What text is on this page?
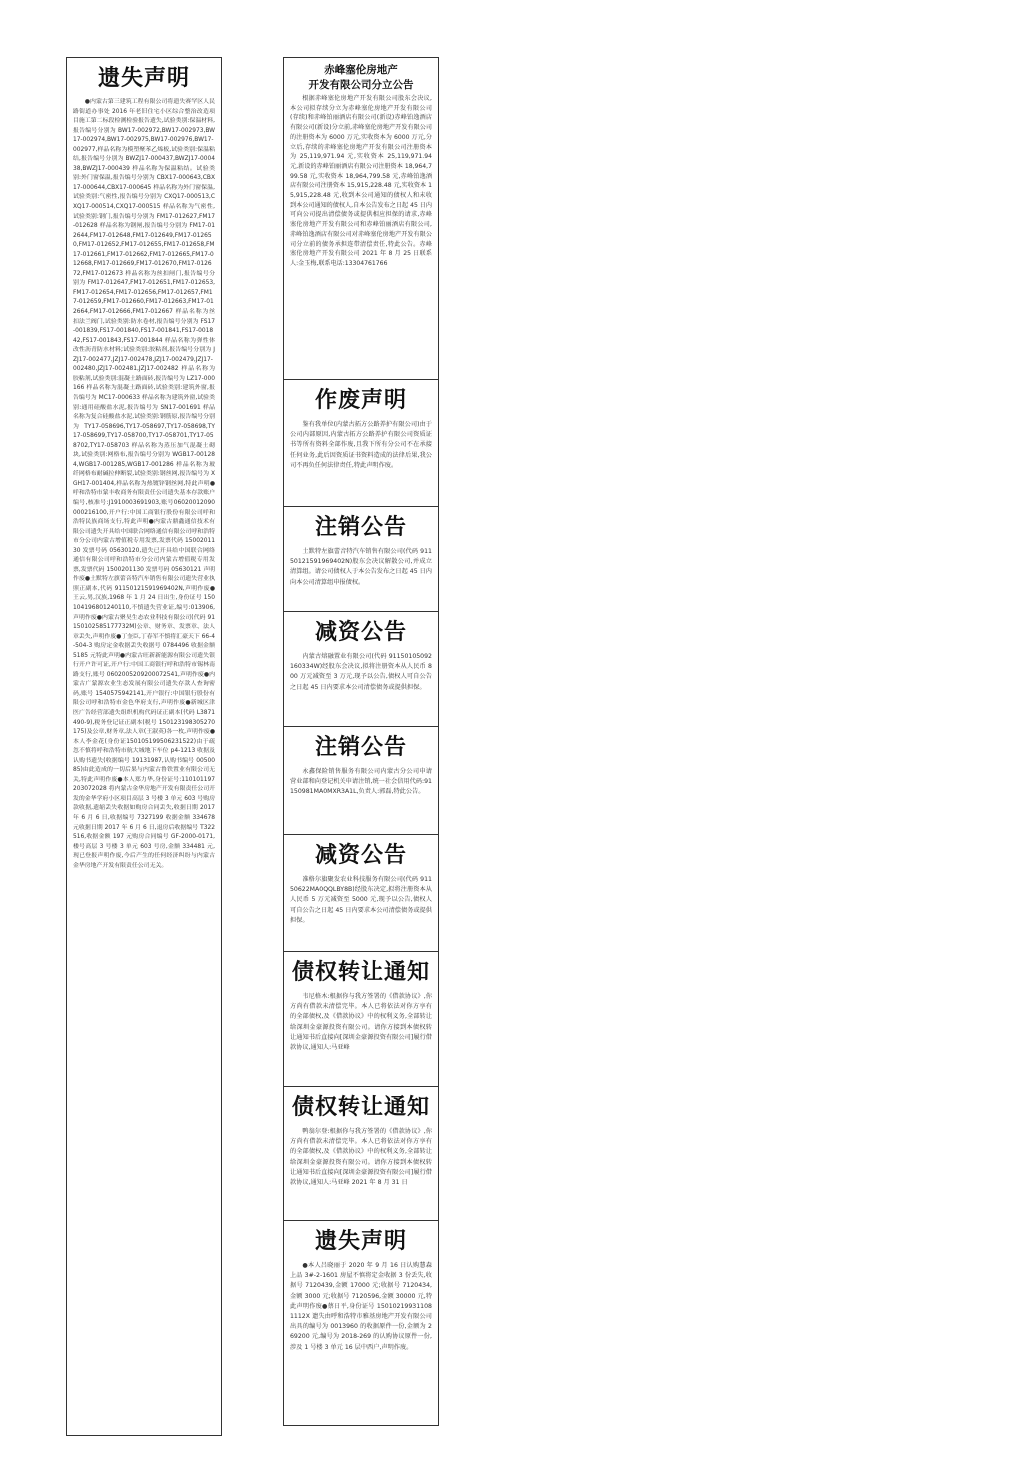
遗失声明
●内蒙古第三建筑工程有限公司将遗失赛罕区人民路街道办事处 2016 年老旧住宅小区综合整治改造项目施工第二标段检测检验报告遗失,试验类别:保温材料,报告编号分别为 BW17-002972,BW17-002973,BW17-002974,BW17-002975,BW17-002976,BW17-002977,样品名称为模塑聚苯乙烯板,试验类别:保温粘结,报告编号分别为 BWZJ17-000437,BWZJ17-000438,BWZJ17-000439 样品名称为保温粘结。试验类别:外门窗保温,报告编号分别为 CBX17-000643,CBX17-000644,CBX17-000645 样品名称为外门窗保温,试验类别:气密性,报告编号分别为 CXQ17-000513,CXQ17-000514,CXQ17-000515 样品名称为气密性,试验类别:钢门,报告编号分别为 FM17-012627,FM17-012628 样品名称为钢闸,报告编号分别为 FM17-012644,FM17-012648,FM17-012649,FM17-012650,FM17-012652,FM17-012655,FM17-012658,FM17-012661,FM17-012662,FM17-012665,FM17-012668,FM17-012669,FM17-012670,FM17-012672,FM17-012673 样品名称为丝扣闸门,报告编号分别为 FM17-012647,FM17-012651,FM17-012653,FM17-012654,FM17-012656,FM17-012657,FM17-012659,FM17-012660,FM17-012663,FM17-012664,FM17-012666,FM17-012667 样品名称为丝扣法兰阀门,试验类别:防水卷材,报告编号分别为 FS17-001839,FS17-001840,FS17-001841,FS17-001842,FS17-001843,FS17-001844 样品名称为弹性体改性沥青防水材料;试验类别:胶粘剂,报告编号分别为 JZJ17-002477,JZJ17-002478,JZJ17-002479,JZJ17-002480,JZJ17-002481,JZJ17-002482 样品名称为胶粘剂,试验类别:混凝土路面砖,报告编号为 LZ17-000166 样品名称为混凝土路面砖,试验类别:建筑外窗,报告编号为 MC17-000633 样品名称为建筑外窗,试验类别:通用硅酸盐水泥,报告编号为 SN17-001691 样品名称为复合硅酸盐水泥,试验类别:钢筋原,报告编号分别为 TY17-058696,TY17-058697,TY17-058698,TY17-058699,TY17-058700,TY17-058701,TY17-058702,TY17-058703 样品名称为蒸压加气混凝土砌块,试验类别:网格布,报告编号分别为 WGB17-001284,WGB17-001285,WGB17-001286 样品名称为玻纤网格布耐碱拉伸断裂,试验类别:钢丝网,报告编号为 XGH17-001404,样品名称为热镀锌钢丝网,特此声明●呼和浩特市蒙丰收商务有限责任公司遗失基本存款账户编号,核准号:J1910003691903,账号06020012090000216100,开户行:中国工商银行股份有限公司呼和浩特民族商场支行,特此声明●内蒙古鼎鑫通信技术有限公司遗失开具给中国联合网络通信有限公司呼和浩特市分公司内蒙古增值税专用发票,发票代码 1500201130 发票号码 05630120,遗失已开具给中国联合网络通信有限公司呼和浩特市分公司内蒙古增值税专用发票,发票代码 1500201130 发票号码 05630121 声明作废●土默特左旗蕾音特汽车销售有限公司遗失营业执照正副本,代码 91150121591969402N,声明作废●王云,男,汉族,1968 年 1 月 24 日出生,身份证号 150104196801240110,不慎遗失营业证,编号:013906,声明作废●内蒙古聚昊生态农业科技有限公司(代码 91150102585177732M)公章、财务章、发票章、法人章丢失,声明作废●丁奎臣,丁春军不慎将汇豪天下 66-4-504-3 购房定金收据丢失收据号 0784496 收据金额 5185 元特此声明●内蒙古旺新新能源有限公司遗失银行开户许可证,开户行:中国工商银行呼和浩特市锡林南路支行,账号 0602005209200072541,声明作废●内蒙古广蒙源农业生态发展有限公司遗失存款人查询密码,账号 1540575942141,开户银行:中国银行股份有限公司呼和浩特市金色华府支行,声明作废●新城区津医广告经营部遗失组织机构代码证正副本(代码 L3871490-9),税务登记证正副本(税号 150123198305270175)及公章,财务章,法人章(王淑英)各一枚,声明作废●本人李金花(身份证150105199506231522)由于疏忽不慎将呼和浩特市航大城地下车位 p4-1213 收据及认购书遗失(收据编号 19131987,认购书编号 0050085)由此造成的一切后果与内蒙古鲁铁置业有限公司无关,特此声明作废●本人郑力华,身份证号:110101197203072028 将内蒙古金华房地产开发有限责任公司开发的金华学府小区项目高层 3 号楼 3 单元 603 号购房款收据,遗缩丢失收据如购房合同丢失,收据日期 2017 年 6 月 6 日,收据编号 7327199 收据金额 334678 元收据日期 2017 年 6 月 6 日,退房后收据编号 T322516,收据金额 197 元购房合同编号 GF-2000-0171,楼号高层 3 号楼 3 单元 603 号房,金额 334481 元,现已登报声明作废,今后产生的任何经济纠纷与内蒙古金华房地产开发有限责任公司无关。
赤峰塞伦房地产
开发有限公司分立公告
根据赤峰塞伦房地产开发有限公司股东会决议,本公司拟存续分立为赤峰塞伦房地产开发有限公司(存续)和赤峰铂丽酒店有限公司(新设)赤峰铂逸酒店有限公司(新设)分立前,赤峰塞伦房地产开发有限公司的注册资本为 6000 万元,实收资本为 6000 万元,分立后,存续的赤峰塞伦房地产开发有限公司注册资本为 25,119,971.94 元,实收资本 25,119,971.94 元,新设的赤峰铂丽酒店有限公司注册资本 18,964,799.58 元,实收资本 18,964,799.58 元,赤峰铂逸酒店有限公司注册资本 15,915,228.48 元,实收资本 15,915,228.48 元,收到本公司通知的债权人和未收到本公司通知的债权人,自本公告发布之日起 45 日内可向公司提出清偿债务或提供相应担保的请求,赤峰塞伦房地产开发有限公司和赤峰铂丽酒店有限公司,赤峰铂逸酒店有限公司对赤峰塞伦房地产开发有限公司分立前的债务承担连带清偿责任,特此公告。赤峰塞伦房地产开发有限公司 2021 年 8 月 25 日联系人:金玉梅,联系电话:13304761766
作废声明
鉴有我单位(内蒙古拓方公路养护有限公司)由于公司内部原因,内蒙古拓方公路养护有限公司资质证书等所有资料全部作废,且我下所有分公司不在承接任何业务,此后因资质证书资料造成的法律后果,我公司不再负任何法律责任,特此声明作废。
注销公告
土默特左旗蕾音特汽车销售有限公司(代码 91150121591969402N)股东会决议解散公司,并成立清算组。请公司债权人于本公告发布之日起 45 日内向本公司清算组申报债权。
减资公告
内蒙古熔融置业有限公司(代码 91150105092160334W)经股东会决议,拟将注册资本从人民币 800 万元减资至 3 万元,现予以公告,债权人可自公告之日起 45 日内要求本公司清偿债务或提供担保。
注销公告
永鑫保险销售服务有限公司内蒙古分公司申请营业部和向登记机关申请注销,统一社会信用代码:91150981MA0MXR3A1L,负责人:郭磊,特此公告。
减资公告
准格尔旗聚发农业科技服务有限公司(代码 91150622MA0QQLBY8B)经股东决定,拟将注册资本从人民币 5 万元减资至 5000 元,现予以公告,债权人可自公告之日起 45 日内要求本公司清偿债务或提供担保。
债权转让通知
韦尼格木:根据你与我方签署的《借款协议》,你方尚有借款未清偿完毕。本人已将依法对你方享有的全部债权,及《借款协议》中的权利义务,全部转让给深圳金豪源投资有限公司。请你方接到本债权转让通知书后直接向[深圳金豪源投资有限公司]履行借款协议,通知人:马亚峰
债权转让通知
鸭翁尔登:根据你与我方签署的《借款协议》,你方尚有借款未清偿完毕。本人已将依法对你方享有的全部债权,及《借款协议》中的权利义务,全部转让给深圳金豪源投资有限公司。请你方接到本债权转让通知书后直接向[深圳金豪源投资有限公司]履行借款协议,通知人:马亚峰 2021 年 8 月 31 日
遗失声明
●本人吕晓丽于 2020 年 9 月 16 日认购慧森上品 3#-2-1601 房屋不慎将定金收据 3 份丢失,收据号 7120439,金额 17000 元;收据号 7120434,金额 3000 元;收据号 7120596,金额 30000 元,特此声明作废●蔡日平,身份证号 150102199311081112X 遗失由呼和浩特市雅基房地产开发有限公司出具的编号为 0013960 的收据原件一份,金额为 269200 元,编号为 2018-269 的认购协议原件一份,涉及 1 号楼 3 单元 16 层中西户,声明作废。
